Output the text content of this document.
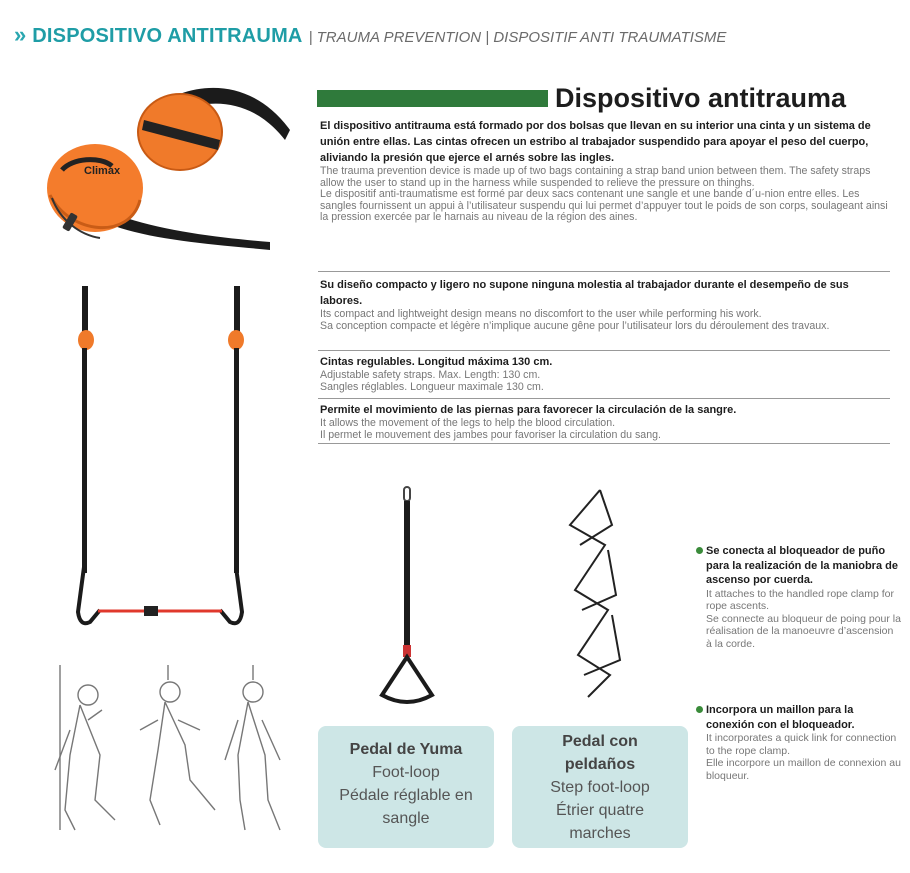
» DISPOSITIVO ANTITRAUMA | TRAUMA PREVENTION | DISPOSITIF ANTI TRAUMATISME
Climax
Dispositivo antitrauma
El dispositivo antitrauma está formado por dos bolsas que llevan en su interior una cinta y un sistema de unión entre ellas. Las cintas ofrecen un estribo al trabajador suspendido para apoyar el peso del cuerpo, aliviando la presión que ejerce el arnés sobre las ingles.
The trauma prevention device is made up of two bags containing a strap band union between them. The safety straps allow the user to stand up in the harness while suspended to relieve the pressure on thinghs.
Le dispositif anti-traumatisme est formé par deux sacs contenant une sangle et une bande d´u-nion entre elles. Les sangles fournissent un appui à l’utilisateur suspendu qui lui permet d’appuyer tout le poids de son corps, soulageant ainsi la pression exercée par le harnais au niveau de la région des aines.
Su diseño compacto y ligero no supone ninguna molestia al trabajador durante el desempeño de sus labores.
Its compact and lightweight design means no discomfort to the user while performing his work.
Sa conception compacte et légère n’implique aucune gêne pour l’utilisateur lors du déroulement des travaux.
Cintas regulables. Longitud máxima 130 cm.
Adjustable safety straps. Max. Length: 130 cm.
Sangles réglables. Longueur maximale 130 cm.
Permite el movimiento de las piernas para favorecer la circulación de la sangre.
It allows the movement of the legs to help the blood circulation.
Il permet le mouvement des jambes pour favoriser la circulation du sang.
Se conecta al bloqueador de puño para la realización de la maniobra de ascenso por cuerda.
It attaches to the handled rope clamp for rope ascents.
Se connecte au bloqueur de poing pour la réalisation de la manoeuvre d’ascension à la corde.
Incorpora un maillon para la conexión con el bloqueador.
It incorporates a quick link for connection to the rope clamp.
Elle incorpore un maillon de connexion au bloqueur.
Pedal de Yuma
Foot-loop
Pédale réglable en sangle
Pedal con peldaños
Step foot-loop
Étrier quatre marches
